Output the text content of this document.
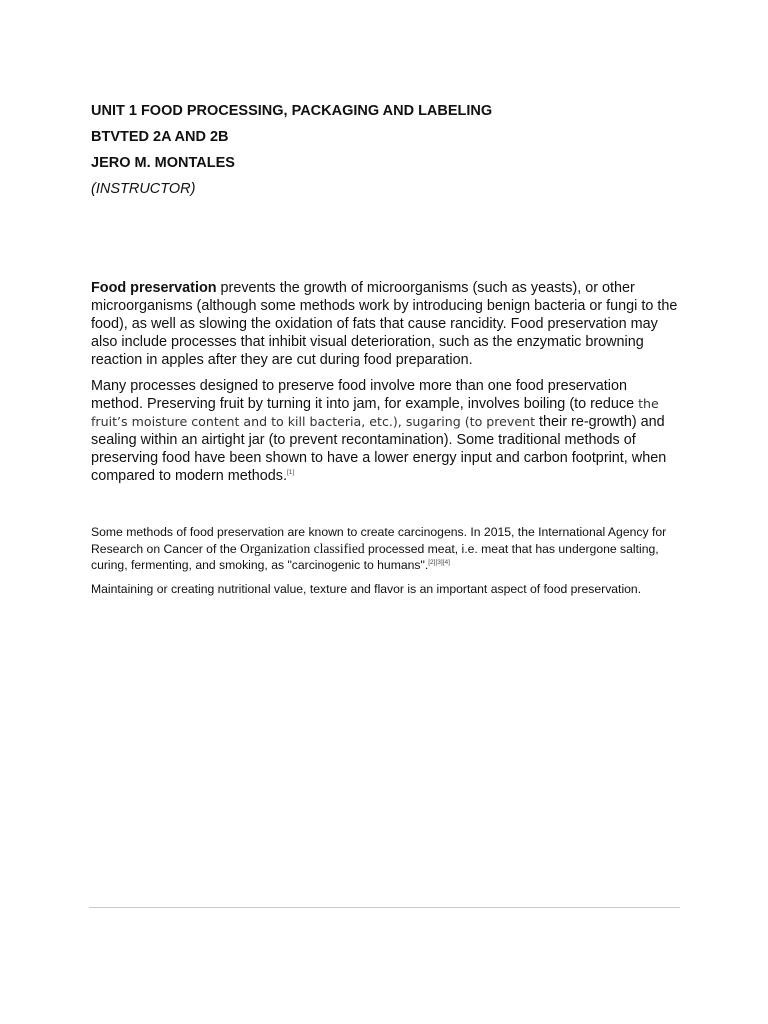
UNIT 1 FOOD PROCESSING, PACKAGING AND LABELING
BTVTED 2A AND 2B
JERO M. MONTALES
(INSTRUCTOR)

Food preservation prevents the growth of microorganisms (such as yeasts), or other microorganisms (although some methods work by introducing benign bacteria or fungi to the food), as well as slowing the oxidation of fats that cause rancidity. Food preservation may also include processes that inhibit visual deterioration, such as the enzymatic browning reaction in apples after they are cut during food preparation.

Many processes designed to preserve food involve more than one food preservation method. Preserving fruit by turning it into jam, for example, involves boiling (to reduce the fruit’s moisture content and to kill bacteria, etc.), sugaring (to prevent their re-growth) and sealing within an airtight jar (to prevent recontamination). Some traditional methods of preserving food have been shown to have a lower energy input and carbon footprint, when compared to modern methods.[1]

Some methods of food preservation are known to create carcinogens. In 2015, the International Agency for Research on Cancer of the Organization classified processed meat, i.e. meat that has undergone salting, curing, fermenting, and smoking, as "carcinogenic to humans".[2][3][4]

Maintaining or creating nutritional value, texture and flavor is an important aspect of food preservation.
